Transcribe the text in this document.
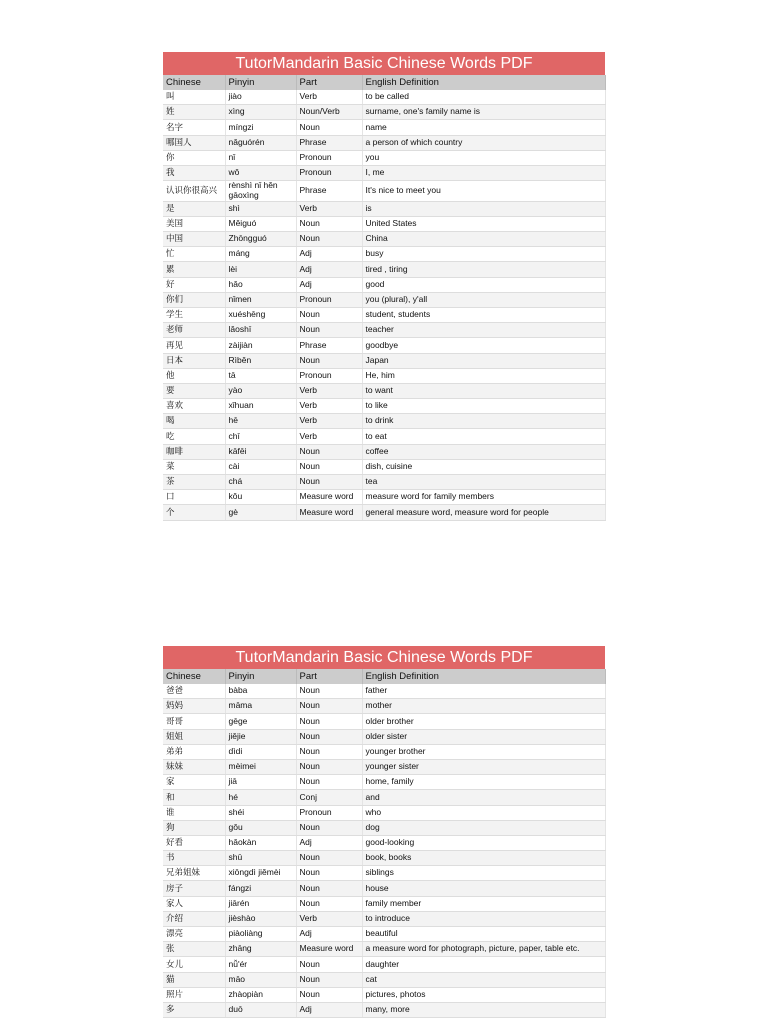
TutorMandarin Basic Chinese Words PDF
Chinese	Pinyin	Part	English Definition
叫	jiào	Verb	to be called
姓	xìng	Noun/Verb	surname, one's family name is
名字	míngzi	Noun	name
哪国人	nǎguórén	Phrase	a person of which country
你	nǐ	Pronoun	you
我	wǒ	Pronoun	I, me
认识你很高兴	rènshì nǐ hěn gāoxìng	Phrase	It's nice to meet you
是	shì	Verb	is
美国	Měiguó	Noun	United States
中国	Zhōngguó	Noun	China
忙	máng	Adj	busy
累	lèi	Adj	tired , tiring
好	hǎo	Adj	good
你们	nǐmen	Pronoun	you (plural), y'all
学生	xuéshēng	Noun	student, students
老师	lǎoshī	Noun	teacher
再见	zàijiàn	Phrase	goodbye
日本	Rìběn	Noun	Japan
他	tā	Pronoun	He, him
要	yào	Verb	to want
喜欢	xǐhuan	Verb	to like
喝	hē	Verb	to drink
吃	chī	Verb	to eat
咖啡	kāfēi	Noun	coffee
菜	cài	Noun	dish, cuisine
茶	chá	Noun	tea
口	kǒu	Measure word	measure word for family members
个	gè	Measure word	general measure word, measure word for people
TutorMandarin Basic Chinese Words PDF
Chinese	Pinyin	Part	English Definition
爸爸	bàba	Noun	father
妈妈	māma	Noun	mother
哥哥	gēge	Noun	older brother
姐姐	jiějie	Noun	older sister
弟弟	dìdi	Noun	younger brother
妹妹	mèimei	Noun	younger sister
家	jiā	Noun	home, family
和	hé	Conj	and
谁	shéi	Pronoun	who
狗	gǒu	Noun	dog
好看	hǎokàn	Adj	good-looking
书	shū	Noun	book, books
兄弟姐妹	xiōngdì jiěmèi	Noun	siblings
房子	fángzi	Noun	house
家人	jiārén	Noun	family member
介绍	jièshào	Verb	to introduce
漂亮	piàoliàng	Adj	beautiful
张	zhāng	Measure word	a measure word for photograph, picture, paper, table etc.
女儿	nǚ'ér	Noun	daughter
猫	māo	Noun	cat
照片	zhàopiàn	Noun	pictures, photos
多	duō	Adj	many, more
